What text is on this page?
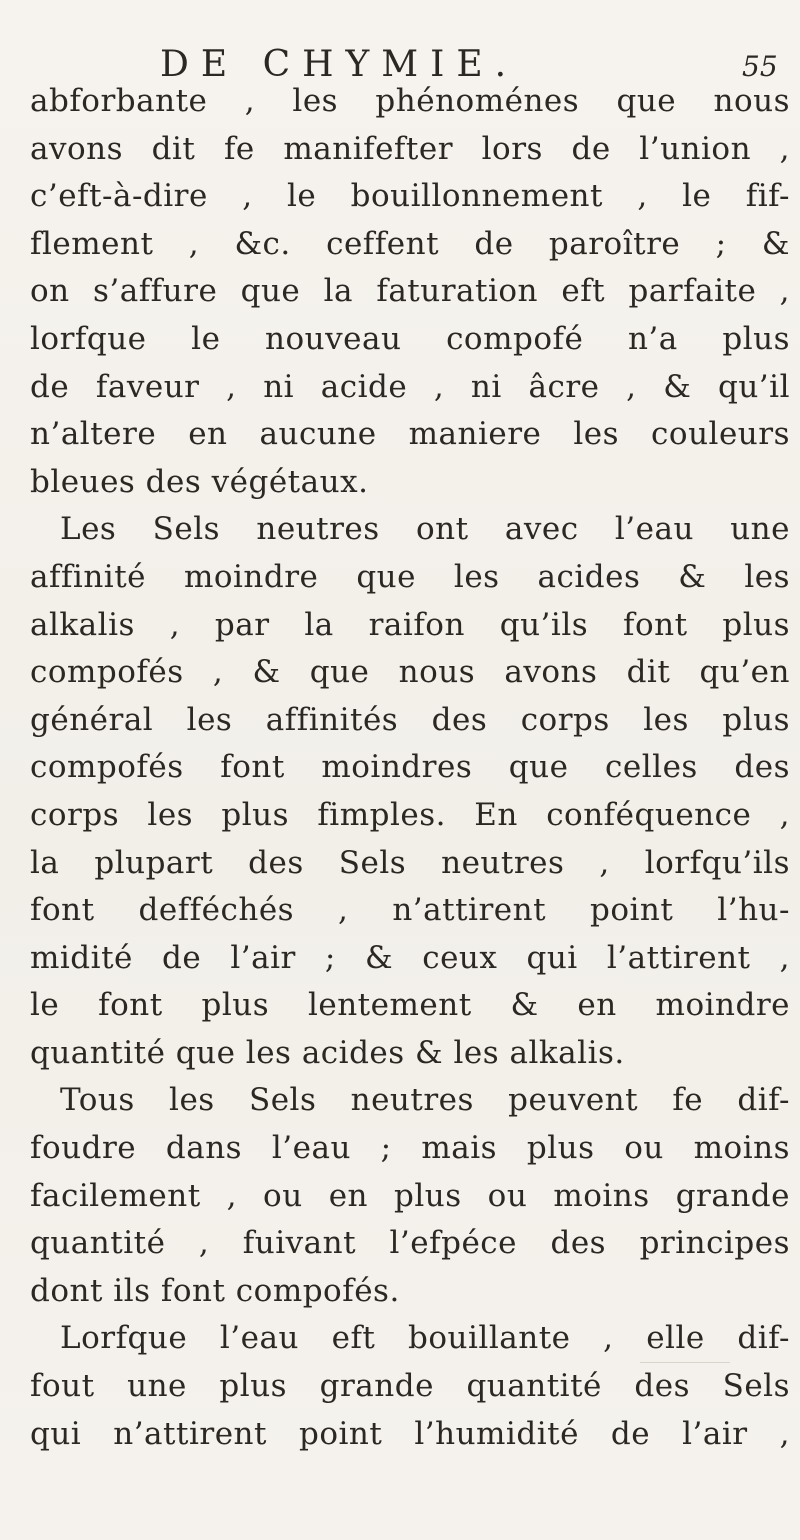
DE CHYMIE.	55
abforbante , les phénoménes que nous
avons dit fe manifefter lors de l’union ,
c’eft-à-dire , le bouillonnement , le fif-
flement , &c. ceffent de paroître ; &
on s’affure que la faturation eft parfaite ,
lorfque le nouveau compofé n’a plus
de faveur , ni acide , ni âcre , & qu’il
n’altere en aucune maniere les couleurs
bleues des végétaux.
Les Sels neutres ont avec l’eau une
affinité moindre que les acides & les
alkalis , par la raifon qu’ils font plus
compofés , & que nous avons dit qu’en
général les affinités des corps les plus
compofés font moindres que celles des
corps les plus fimples. En conféquence ,
la plupart des Sels neutres , lorfqu’ils
font defféchés , n’attirent point l’hu-
midité de l’air ; & ceux qui l’attirent ,
le font plus lentement & en moindre
quantité que les acides & les alkalis.
Tous les Sels neutres peuvent fe dif-
foudre dans l’eau ; mais plus ou moins
facilement , ou en plus ou moins grande
quantité , fuivant l’efpéce des principes
dont ils font compofés.
Lorfque l’eau eft bouillante , elle dif-
fout une plus grande quantité des Sels
qui n’attirent point l’humidité de l’air ,
